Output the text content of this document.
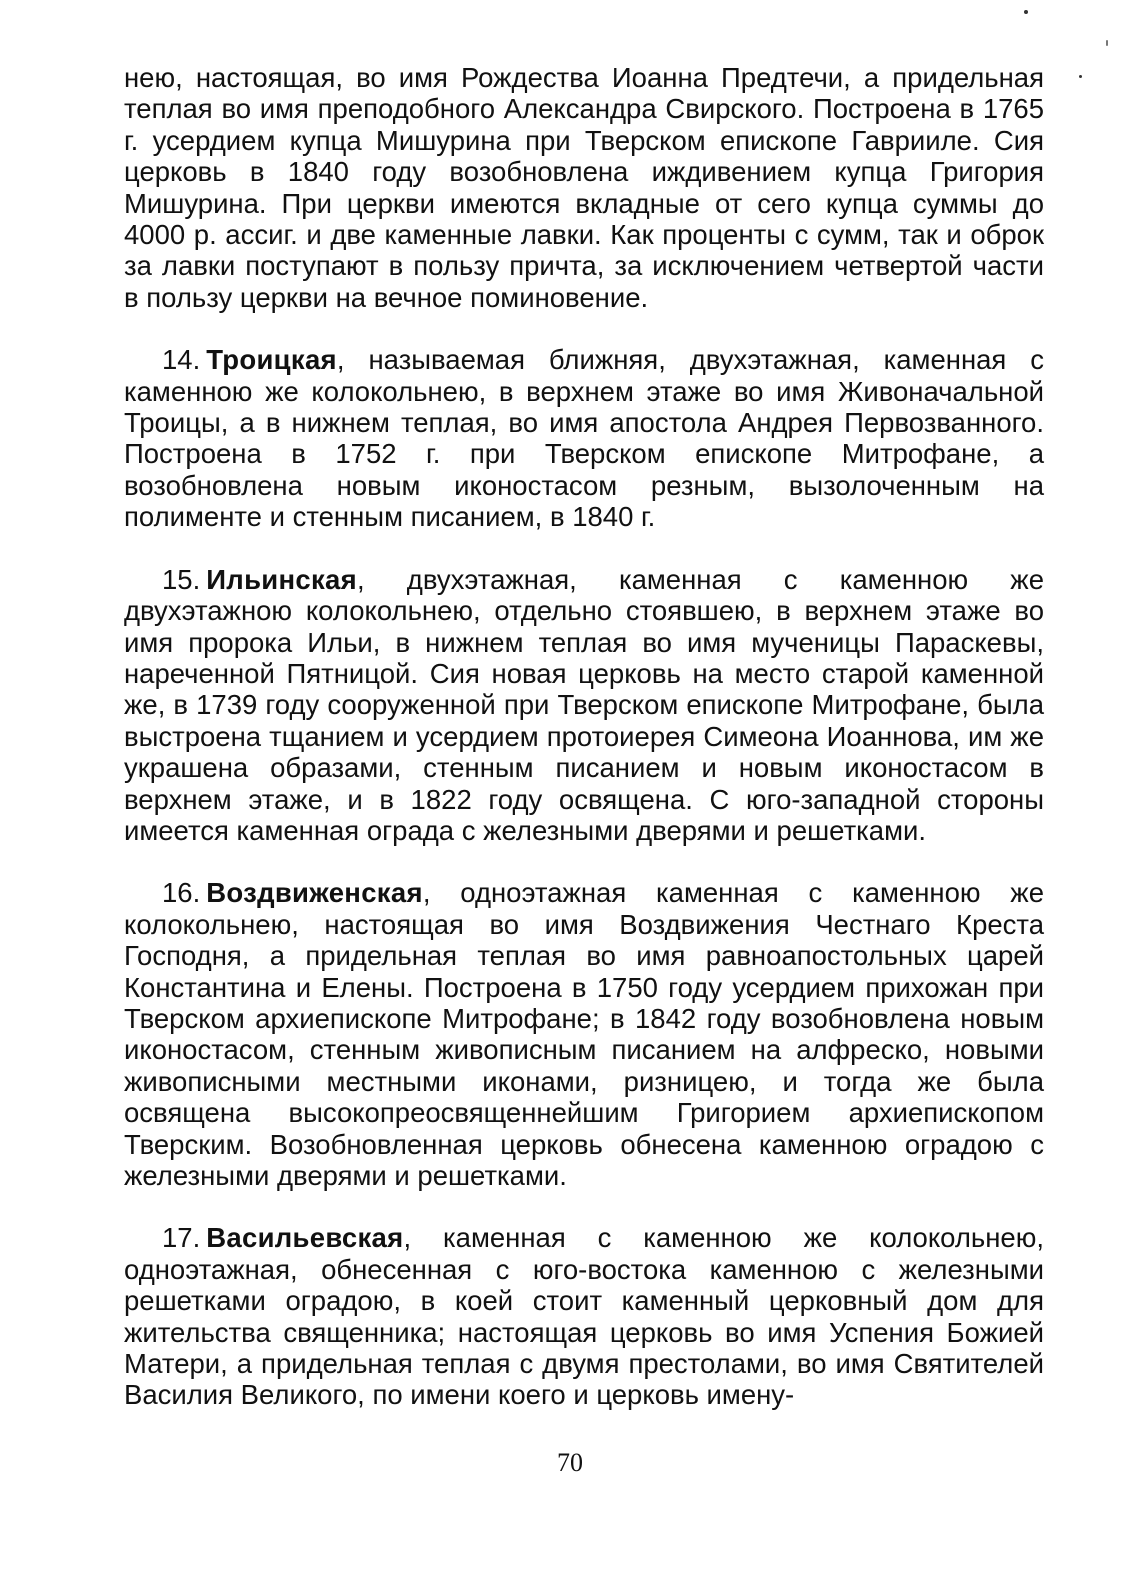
нею, настоящая, во имя Рождества Иоанна Предтечи, а придельная теплая во имя преподобного Александра Свирского. Построена в 1765 г. усердием купца Мишурина при Тверском епископе Гаврииле. Сия церковь в 1840 году возобновлена иждивением купца Григория Мишурина. При церкви имеются вкладные от сего купца суммы до 4000 р. ассиг. и две каменные лавки. Как проценты с сумм, так и оброк за лавки поступают в пользу причта, за исключением четвертой части в пользу церкви на вечное поминовение.

14. Троицкая, называемая ближняя, двухэтажная, каменная с каменною же колокольнею, в верхнем этаже во имя Живоначальной Троицы, а в нижнем теплая, во имя апостола Андрея Первозванного. Построена в 1752 г. при Тверском епископе Митрофане, а возобновлена новым иконостасом резным, вызолоченным на полименте и стенным писанием, в 1840 г.

15. Ильинская, двухэтажная, каменная с каменною же двухэтажною колокольнею, отдельно стоявшею, в верхнем этаже во имя пророка Ильи, в нижнем теплая во имя мученицы Параскевы, нареченной Пятницой. Сия новая церковь на место старой каменной же, в 1739 году сооруженной при Тверском епископе Митрофане, была выстроена тщанием и усердием протоиерея Симеона Иоаннова, им же украшена образами, стенным писанием и новым иконостасом в верхнем этаже, и в 1822 году освящена. С юго-западной стороны имеется каменная ограда с железными дверями и решетками.

16. Воздвиженская, одноэтажная каменная с каменною же колокольнею, настоящая во имя Воздвижения Честнаго Креста Господня, а придельная теплая во имя равноапостольных царей Константина и Елены. Построена в 1750 году усердием прихожан при Тверском архиепископе Митрофане; в 1842 году возобновлена новым иконостасом, стенным живописным писанием на алфреско, новыми живописными местными иконами, ризницею, и тогда же была освящена высокопреосвященнейшим Григорием архиепископом Тверским. Возобновленная церковь обнесена каменною оградою с железными дверями и решетками.

17. Васильевская, каменная с каменною же колокольнею, одноэтажная, обнесенная с юго-востока каменною с железными решетками оградою, в коей стоит каменный церковный дом для жительства священника; настоящая церковь во имя Успения Божией Матери, а придельная теплая с двумя престолами, во имя Святителей Василия Великого, по имени коего и церковь имену-

70
